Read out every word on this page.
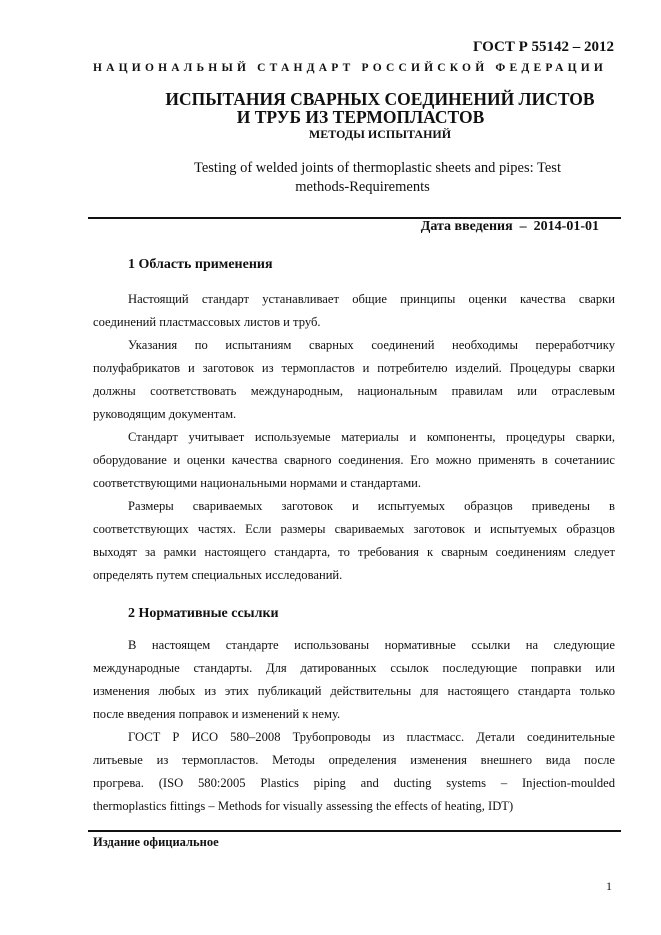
ГОСТ Р 55142 – 2012
НАЦИОНАЛЬНЫЙ СТАНДАРТ РОССИЙСКОЙ ФЕДЕРАЦИИ
ИСПЫТАНИЯ СВАРНЫХ СОЕДИНЕНИЙ ЛИСТОВ
И ТРУБ ИЗ ТЕРМОПЛАСТОВ
МЕТОДЫ ИСПЫТАНИЙ
Testing of welded joints of thermoplastic sheets and pipes: Test
methods-Requirements
Дата введения  –  2014-01-01
1 Область применения
Настоящий стандарт устанавливает общие принципы оценки качества сварки
соединений пластмассовых листов и труб.
Указания по испытаниям сварных соединений необходимы переработчику
полуфабрикатов и заготовок из термопластов и потребителю изделий. Процедуры сварки
должны соответствовать международным, национальным правилам или отраслевым
руководящим документам.
Стандарт учитывает используемые материалы и компоненты, процедуры сварки,
оборудование и оценки качества сварного соединения. Его можно применять в сочетаниис
соответствующими национальными нормами и стандартами.
Размеры свариваемых заготовок и испытуемых образцов приведены в
соответствующих частях. Если размеры свариваемых заготовок и испытуемых образцов
выходят за рамки настоящего стандарта, то требования к сварным соединениям следует
определять путем специальных исследований.
2 Нормативные ссылки
В настоящем стандарте использованы нормативные ссылки на следующие
международные стандарты. Для датированных ссылок последующие поправки или
изменения любых из этих публикаций действительны для настоящего стандарта только
после введения поправок и изменений к нему.
ГОСТ Р ИСО 580–2008 Трубопроводы из пластмасс. Детали соединительные
литьевые из термопластов. Методы определения изменения внешнего вида после
прогрева. (ISO 580:2005 Plastics piping and ducting systems – Injection-moulded
thermoplastics fittings – Methods for visually assessing the effects of heating, IDT)
Издание официальное
1
